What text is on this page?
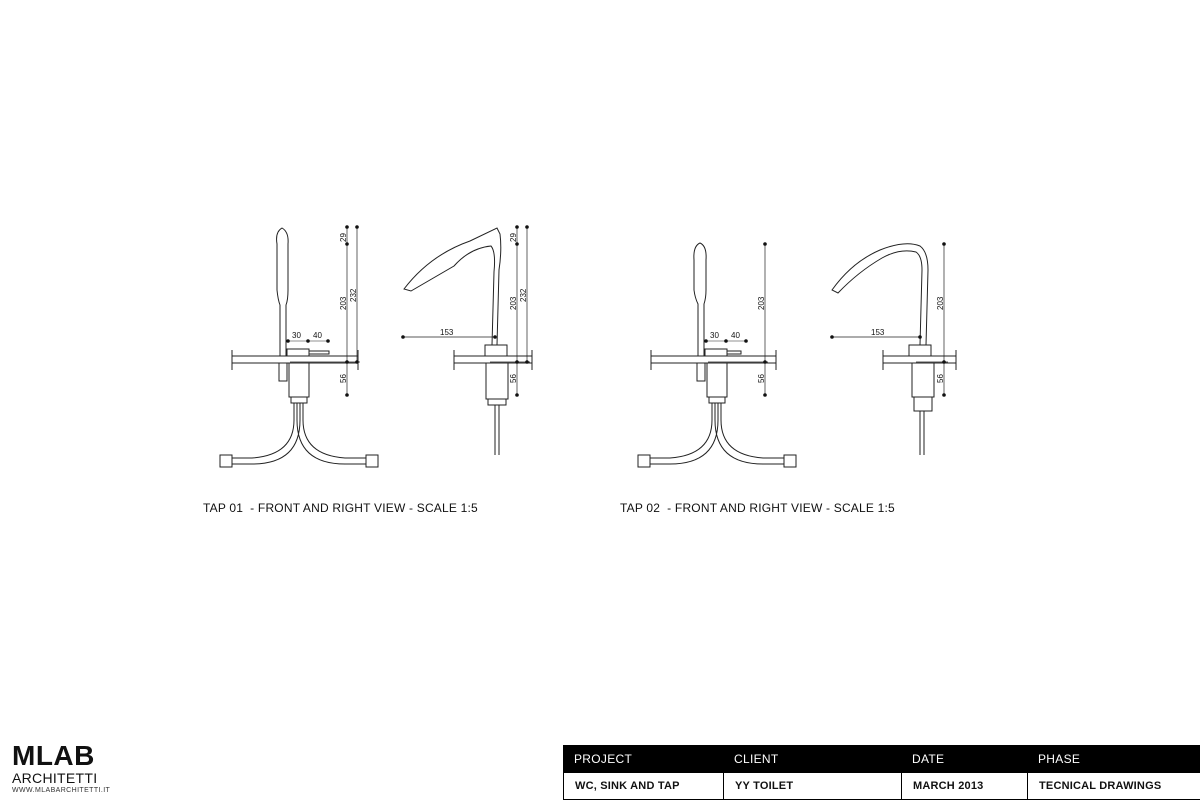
30 40
29
203
232
56
153
29
203
232
56
30 40
203
56
153
203
56
TAP 01  - FRONT AND RIGHT VIEW - SCALE 1:5	TAP 02  - FRONT AND RIGHT VIEW - SCALE 1:5
MLAB
ARCHITETTI
WWW.MLABARCHITETTI.IT
PROJECT	CLIENT	DATE	PHASE
WC, SINK AND TAP	YY TOILET	MARCH 2013	TECNICAL DRAWINGS
